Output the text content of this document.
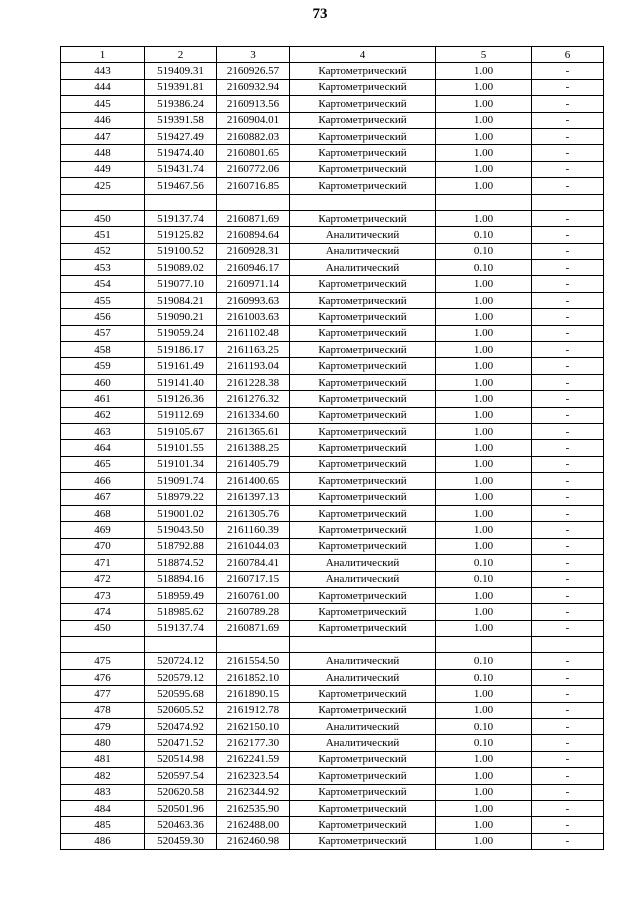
73
1	2	3	4	5	6
443	519409.31	2160926.57	Картометрический	1.00	-
444	519391.81	2160932.94	Картометрический	1.00	-
445	519386.24	2160913.56	Картометрический	1.00	-
446	519391.58	2160904.01	Картометрический	1.00	-
447	519427.49	2160882.03	Картометрический	1.00	-
448	519474.40	2160801.65	Картометрический	1.00	-
449	519431.74	2160772.06	Картометрический	1.00	-
425	519467.56	2160716.85	Картометрический	1.00	-

450	519137.74	2160871.69	Картометрический	1.00	-
451	519125.82	2160894.64	Аналитический	0.10	-
452	519100.52	2160928.31	Аналитический	0.10	-
453	519089.02	2160946.17	Аналитический	0.10	-
454	519077.10	2160971.14	Картометрический	1.00	-
455	519084.21	2160993.63	Картометрический	1.00	-
456	519090.21	2161003.63	Картометрический	1.00	-
457	519059.24	2161102.48	Картометрический	1.00	-
458	519186.17	2161163.25	Картометрический	1.00	-
459	519161.49	2161193.04	Картометрический	1.00	-
460	519141.40	2161228.38	Картометрический	1.00	-
461	519126.36	2161276.32	Картометрический	1.00	-
462	519112.69	2161334.60	Картометрический	1.00	-
463	519105.67	2161365.61	Картометрический	1.00	-
464	519101.55	2161388.25	Картометрический	1.00	-
465	519101.34	2161405.79	Картометрический	1.00	-
466	519091.74	2161400.65	Картометрический	1.00	-
467	518979.22	2161397.13	Картометрический	1.00	-
468	519001.02	2161305.76	Картометрический	1.00	-
469	519043.50	2161160.39	Картометрический	1.00	-
470	518792.88	2161044.03	Картометрический	1.00	-
471	518874.52	2160784.41	Аналитический	0.10	-
472	518894.16	2160717.15	Аналитический	0.10	-
473	518959.49	2160761.00	Картометрический	1.00	-
474	518985.62	2160789.28	Картометрический	1.00	-
450	519137.74	2160871.69	Картометрический	1.00	-

475	520724.12	2161554.50	Аналитический	0.10	-
476	520579.12	2161852.10	Аналитический	0.10	-
477	520595.68	2161890.15	Картометрический	1.00	-
478	520605.52	2161912.78	Картометрический	1.00	-
479	520474.92	2162150.10	Аналитический	0.10	-
480	520471.52	2162177.30	Аналитический	0.10	-
481	520514.98	2162241.59	Картометрический	1.00	-
482	520597.54	2162323.54	Картометрический	1.00	-
483	520620.58	2162344.92	Картометрический	1.00	-
484	520501.96	2162535.90	Картометрический	1.00	-
485	520463.36	2162488.00	Картометрический	1.00	-
486	520459.30	2162460.98	Картометрический	1.00	-
